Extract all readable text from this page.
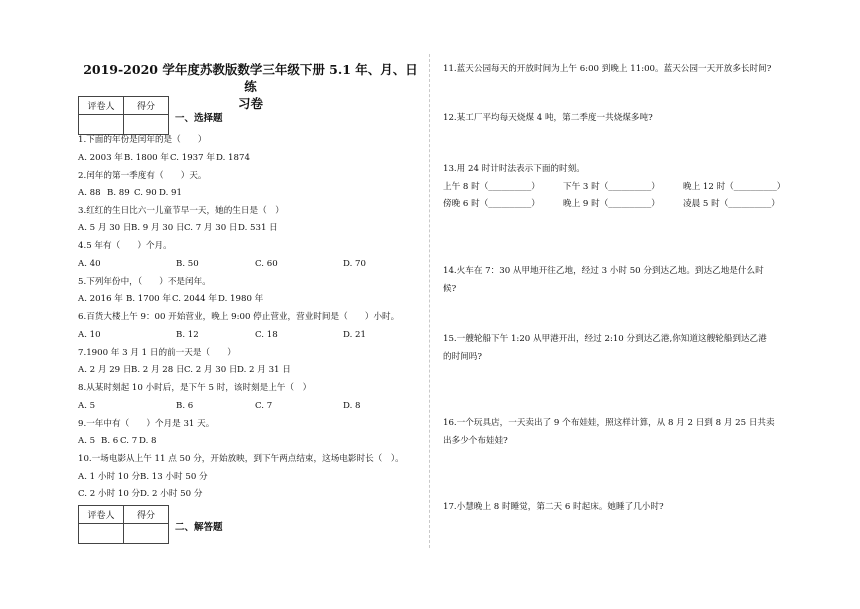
2019-2020 学年度苏教版数学三年级下册 5.1 年、月、日练
习卷
评卷人	得分

一、选择题
1.下面的年份是闰年的是（　　）
A. 2003 年 B. 1800 年 C. 1937 年 D. 1874
2.闰年的第一季度有（　　）天。
A. 88 B. 89 C. 90 D. 91
3.红红的生日比六一儿童节早一天，她的生日是（　）
A. 5 月 30 日 B. 9 月 30 日 C. 7 月 30 日 D. 531 日
4.5 年有（　　）个月。
A. 40	B. 50	C. 60	D. 70
5.下列年份中，（　　）不是闰年。
A. 2016 年 B. 1700 年 C. 2044 年 D. 1980 年
6.百货大楼上午 9：00 开始营业，晚上 9:00 停止营业，营业时间是（　　）小时。
A. 10	B. 12	C. 18	D. 21
7.1900 年 3 月 1 日的前一天是（　　）
A. 2 月 29 日 B. 2 月 28 日 C. 2 月 30 日 D. 2 月 31 日
8.从某时刻起 10 小时后，是下午 5 时，该时刻是上午（　）
A. 5	B. 6	C. 7	D. 8
9.一年中有（　　）个月是 31 天。
A. 5 B. 6 C. 7 D. 8
10.一场电影从上午 11 点 50 分，开始放映，到下午两点结束，这场电影时长（　）。
A. 1 小时 10 分 B. 13 小时 50 分
C. 2 小时 10 分 D. 2 小时 50 分
评卷人	得分

二、解答题
11.蓝天公园每天的开放时间为上午 6:00 到晚上 11:00。蓝天公园一天开放多长时间?
12.某工厂平均每天烧煤 4 吨，第二季度一共烧煤多吨?
13.用 24 时计时法表示下面的时刻。
上午 8 时（__________）	下午 3 时（__________）	晚上 12 时（__________）
傍晚 6 时（__________）	晚上 9 时（__________）	凌晨 5 时（__________）
14.火车在 7：30 从甲地开往乙地，经过 3 小时 50 分到达乙地。到达乙地是什么时
候?
15.一艘轮船下午 1:20 从甲港开出，经过 2:10 分到达乙港,你知道这艘轮船到达乙港
的时间吗?
16.一个玩具店，一天卖出了 9 个布娃娃，照这样计算，从 8 月 2 日到 8 月 25 日共卖
出多少个布娃娃?
17.小慧晚上 8 时睡觉，第二天 6 时起床。她睡了几小时?
